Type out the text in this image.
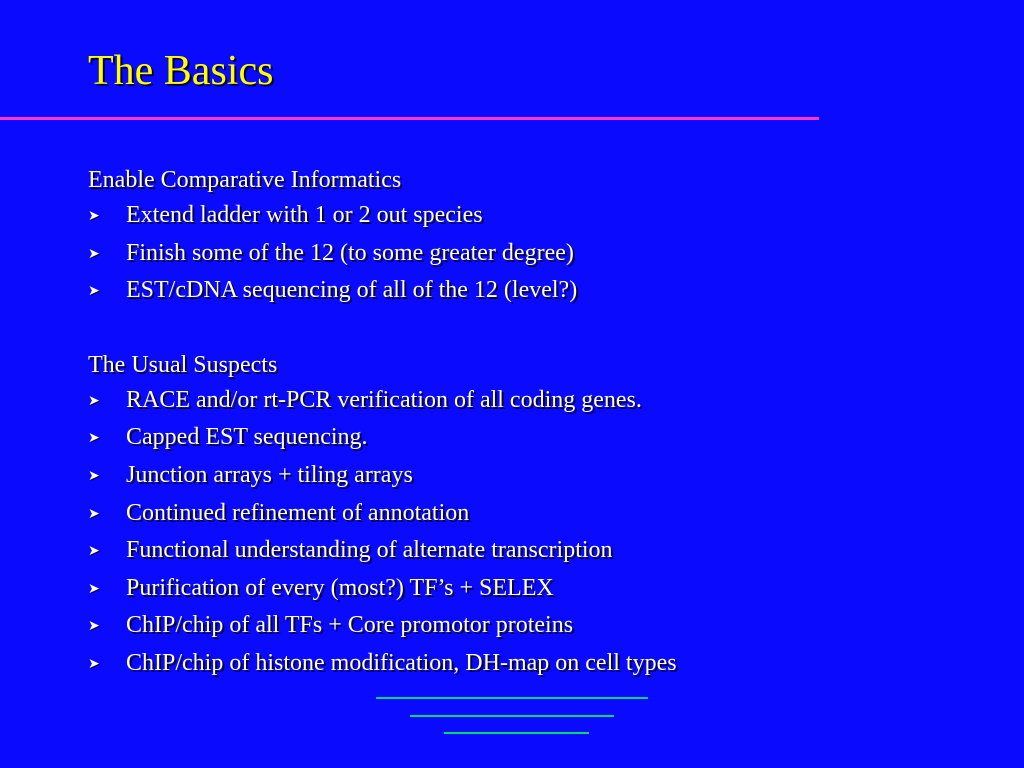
The Basics
Enable Comparative Informatics
➤	Extend ladder with 1 or 2 out species
➤	Finish some of the 12 (to some greater degree)
➤	EST/cDNA sequencing of all of the 12 (level?)
The Usual Suspects
➤	RACE and/or rt-PCR verification of all coding genes.
➤	Capped EST sequencing.
➤	Junction arrays + tiling arrays
➤	Continued refinement of annotation
➤	Functional understanding of alternate transcription
➤	Purification of every (most?) TF’s + SELEX
➤	ChIP/chip of all TFs + Core promotor proteins
➤	ChIP/chip of histone modification, DH-map on cell types
